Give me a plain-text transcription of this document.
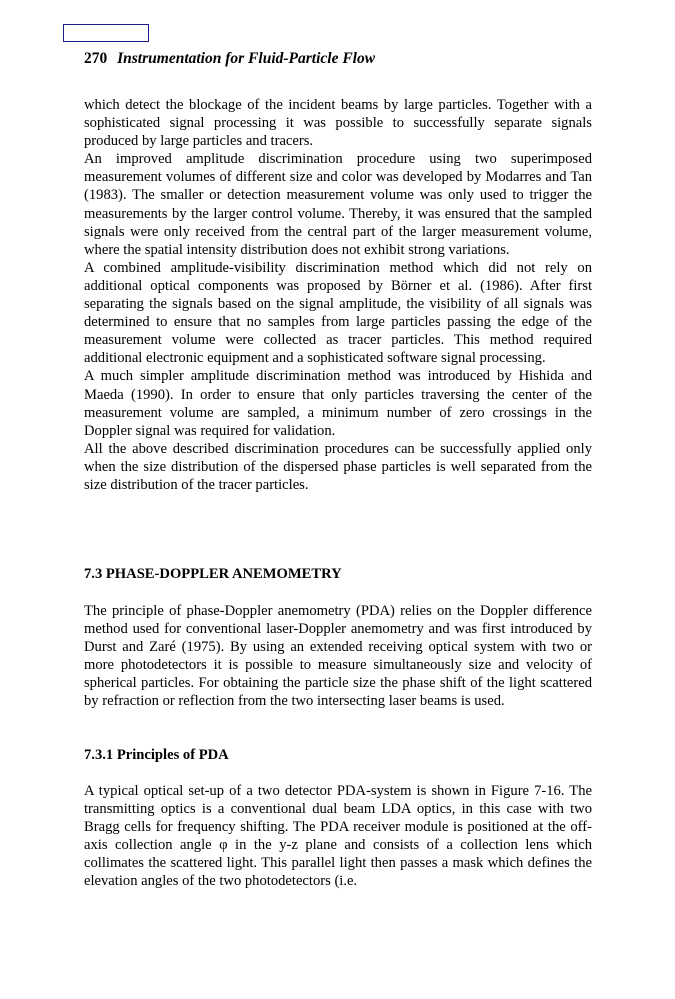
270 Instrumentation for Fluid-Particle Flow

which detect the blockage of the incident beams by large particles. Together with a sophisticated signal processing it was possible to successfully separate signals produced by large particles and tracers.

An improved amplitude discrimination procedure using two superimposed measurement volumes of different size and color was developed by Modarres and Tan (1983). The smaller or detection measurement volume was only used to trigger the measurements by the larger control volume. Thereby, it was ensured that the sampled signals were only received from the central part of the larger measurement volume, where the spatial intensity distribution does not exhibit strong variations.

A combined amplitude-visibility discrimination method which did not rely on additional optical components was proposed by Börner et al. (1986). After first separating the signals based on the signal amplitude, the visibility of all signals was determined to ensure that no samples from large particles passing the edge of the measurement volume were collected as tracer particles. This method required additional electronic equipment and a sophisticated software signal processing.

A much simpler amplitude discrimination method was introduced by Hishida and Maeda (1990). In order to ensure that only particles traversing the center of the measurement volume are sampled, a minimum number of zero crossings in the Doppler signal was required for validation.

All the above described discrimination procedures can be successfully applied only when the size distribution of the dispersed phase particles is well separated from the size distribution of the tracer particles.

7.3 PHASE-DOPPLER ANEMOMETRY

The principle of phase-Doppler anemometry (PDA) relies on the Doppler difference method used for conventional laser-Doppler anemometry and was first introduced by Durst and Zaré (1975). By using an extended receiving optical system with two or more photodetectors it is possible to measure simultaneously size and velocity of spherical particles. For obtaining the particle size the phase shift of the light scattered by refraction or reflection from the two intersecting laser beams is used.

7.3.1 Principles of PDA

A typical optical set-up of a two detector PDA-system is shown in Figure 7-16. The transmitting optics is a conventional dual beam LDA optics, in this case with two Bragg cells for frequency shifting. The PDA receiver module is positioned at the off-axis collection angle φ in the y-z plane and consists of a collection lens which collimates the scattered light. This parallel light then passes a mask which defines the elevation angles of the two photodetectors (i.e.
